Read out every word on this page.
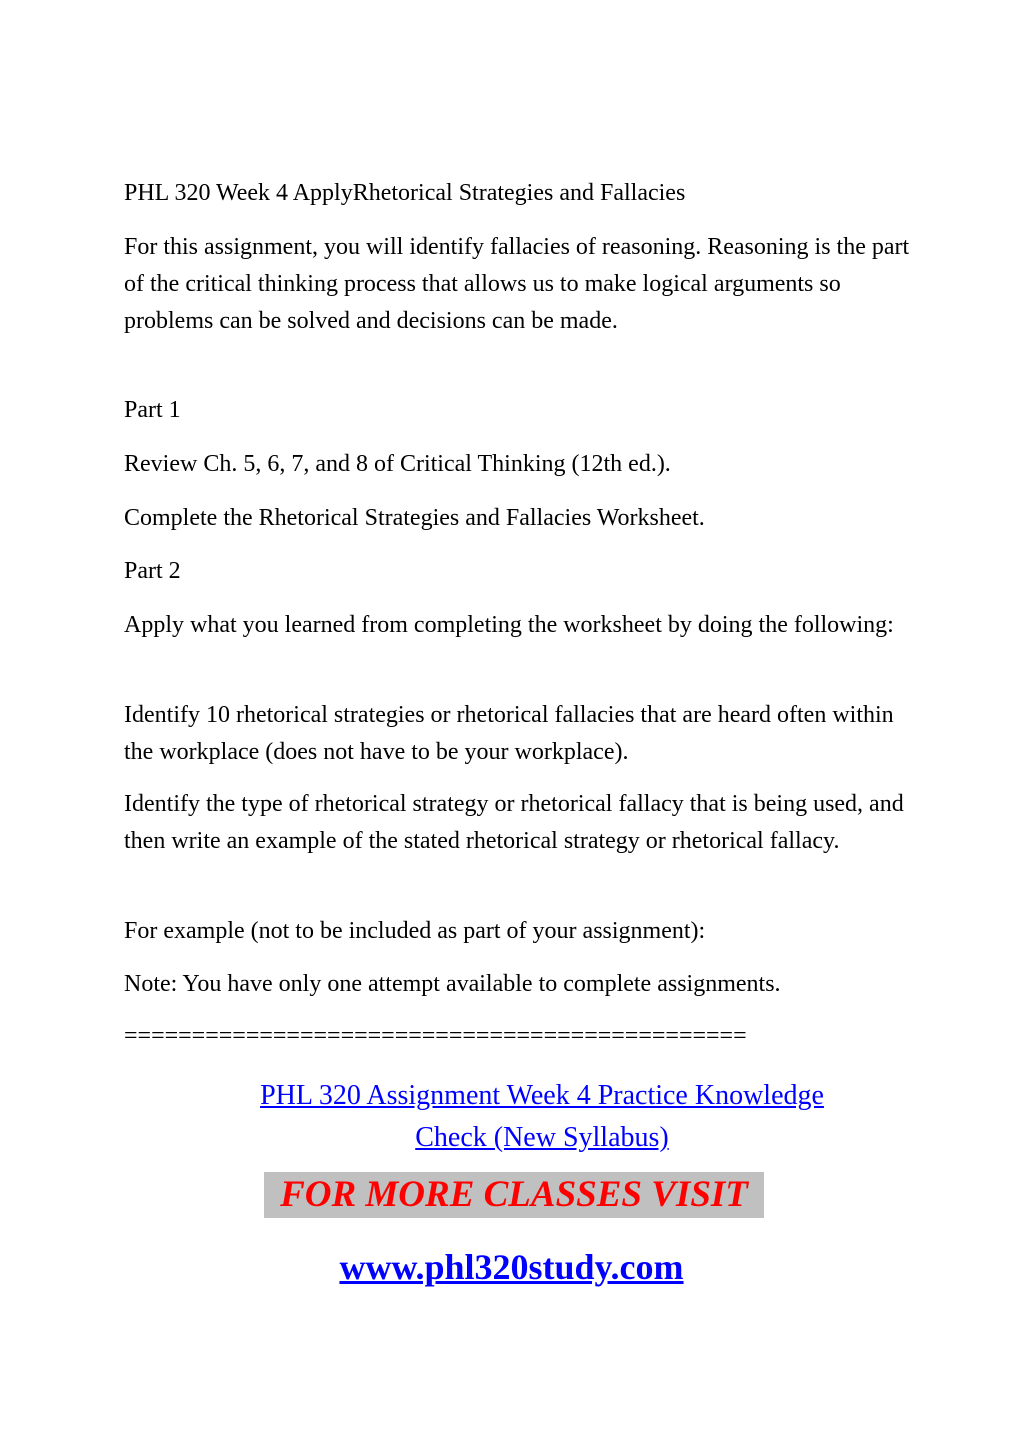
PHL 320 Week 4 ApplyRhetorical Strategies and Fallacies

For this assignment, you will identify fallacies of reasoning. Reasoning is the part of the critical thinking process that allows us to make logical arguments so problems can be solved and decisions can be made.

Part 1

Review Ch. 5, 6, 7, and 8 of Critical Thinking (12th ed.).

Complete the Rhetorical Strategies and Fallacies Worksheet.

Part 2

Apply what you learned from completing the worksheet by doing the following:

Identify 10 rhetorical strategies or rhetorical fallacies that are heard often within the workplace (does not have to be your workplace).

Identify the type of rhetorical strategy or rhetorical fallacy that is being used, and then write an example of the stated rhetorical strategy or rhetorical fallacy.

For example (not to be included as part of your assignment):

Note: You have only one attempt available to complete assignments.

==============================================

PHL 320 Assignment Week 4 Practice Knowledge
Check (New Syllabus)

FOR MORE CLASSES VISIT

www.phl320study.com
